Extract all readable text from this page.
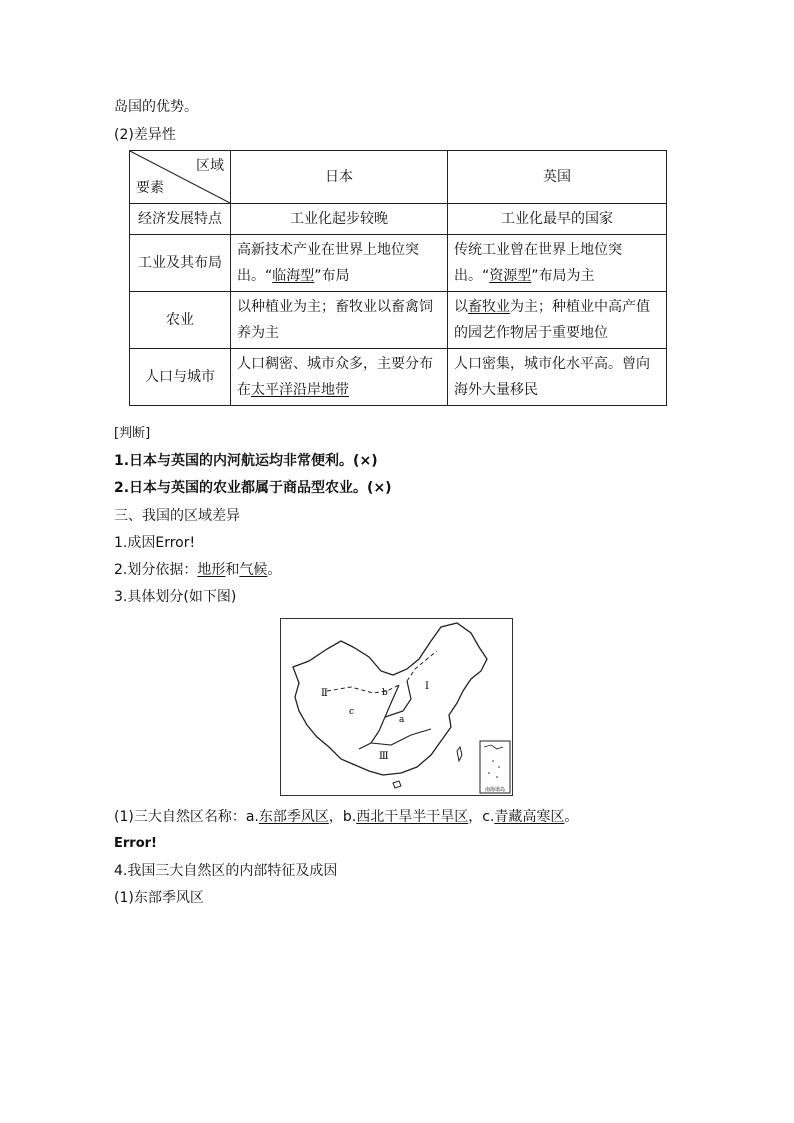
岛国的优势。
(2)差异性
区域
要素	日本	英国
经济发展特点	工业化起步较晚	工业化最早的国家
工业及其布局	高新技术产业在世界上地位突出。“临海型”布局	传统工业曾在世界上地位突出。“资源型”布局为主
农业	以种植业为主；畜牧业以畜禽饲养为主	以畜牧业为主；种植业中高产值的园艺作物居于重要地位
人口与城市	人口稠密、城市众多，主要分布在太平洋沿岸地带	人口密集，城市化水平高。曾向海外大量移民
[判断]
1.日本与英国的内河航运均非常便利。(×)
2.日本与英国的农业都属于商品型农业。(×)
三、我国的区域差异
1.成因Error!
2.划分依据：地形和气候。
3.具体划分(如下图)
Ⅱ
Ⅰ
Ⅲ
a
b
c
南海诸岛
(1)三大自然区名称：a.东部季风区，b.西北干旱半干旱区，c.青藏高寒区。
Error!
4.我国三大自然区的内部特征及成因
(1)东部季风区
